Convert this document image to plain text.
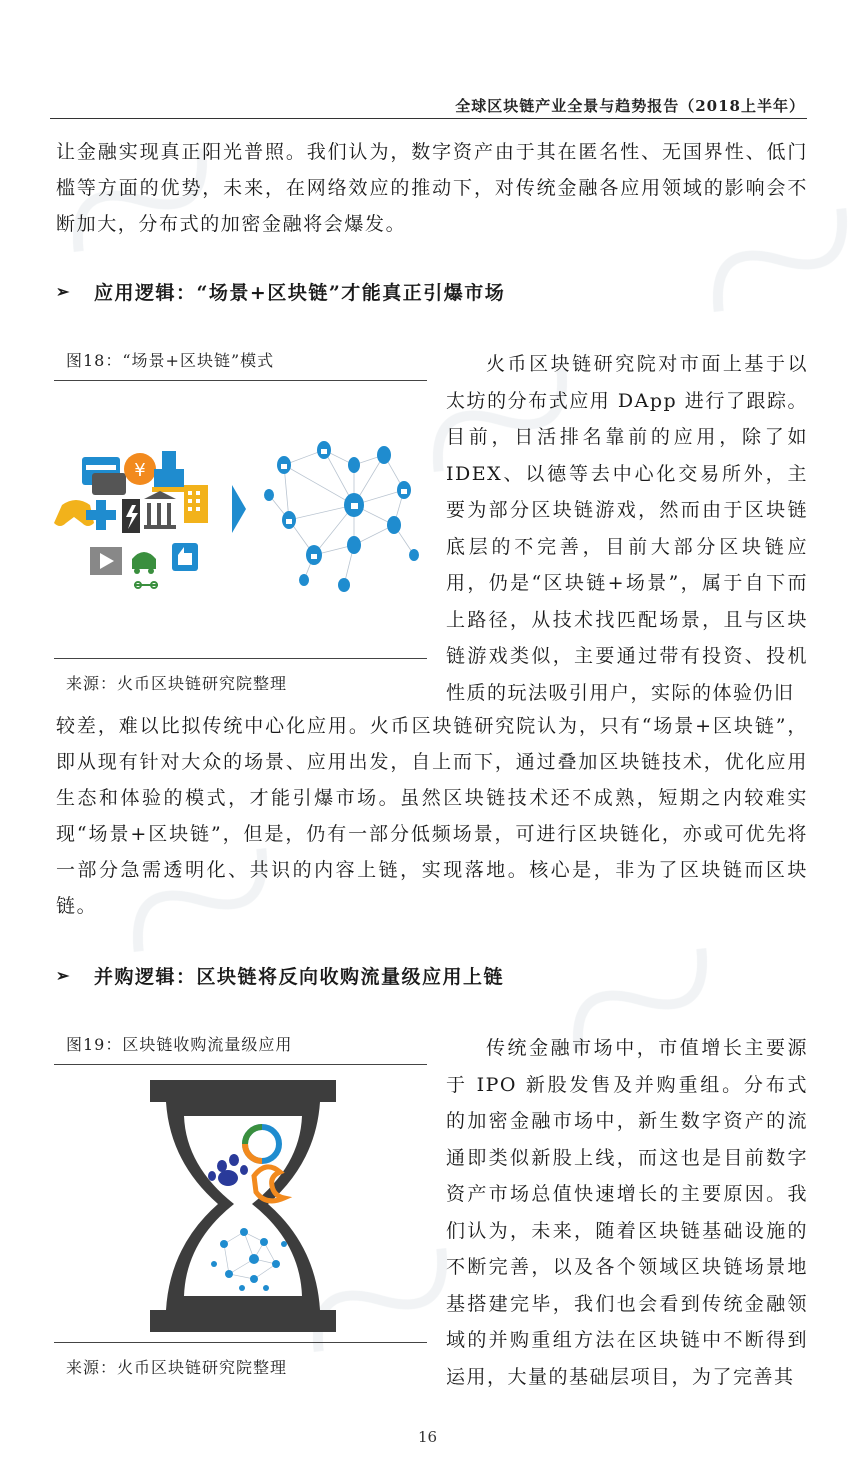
全球区块链产业全景与趋势报告（2018上半年）

让金融实现真正阳光普照。我们认为，数字资产由于其在匿名性、无国界性、低门槛等方面的优势，未来，在网络效应的推动下，对传统金融各应用领域的影响会不断加大，分布式的加密金融将会爆发。

➢	应用逻辑：“场景+区块链”才能真正引爆市场
图18：“场景+区块链”模式
¥
来源：火币区块链研究院整理

火币区块链研究院对市面上基于以太坊的分布式应用 DApp 进行了跟踪。目前，日活排名靠前的应用，除了如 IDEX、以德等去中心化交易所外，主要为部分区块链游戏，然而由于区块链底层的不完善，目前大部分区块链应用，仍是“区块链+场景”，属于自下而上路径，从技术找匹配场景，且与区块链游戏类似，主要通过带有投资、投机性质的玩法吸引用户，实际的体验仍旧

较差，难以比拟传统中心化应用。火币区块链研究院认为，只有“场景+区块链”，即从现有针对大众的场景、应用出发，自上而下，通过叠加区块链技术，优化应用生态和体验的模式，才能引爆市场。虽然区块链技术还不成熟，短期之内较难实现“场景+区块链”，但是，仍有一部分低频场景，可进行区块链化，亦或可优先将一部分急需透明化、共识的内容上链，实现落地。核心是，非为了区块链而区块链。

➢	并购逻辑：区块链将反向收购流量级应用上链
图19：区块链收购流量级应用
来源：火币区块链研究院整理

传统金融市场中，市值增长主要源于 IPO 新股发售及并购重组。分布式的加密金融市场中，新生数字资产的流通即类似新股上线，而这也是目前数字资产市场总值快速增长的主要原因。我们认为，未来，随着区块链基础设施的不断完善，以及各个领域区块链场景地基搭建完毕，我们也会看到传统金融领域的并购重组方法在区块链中不断得到运用，大量的基础层项目，为了完善其

16
